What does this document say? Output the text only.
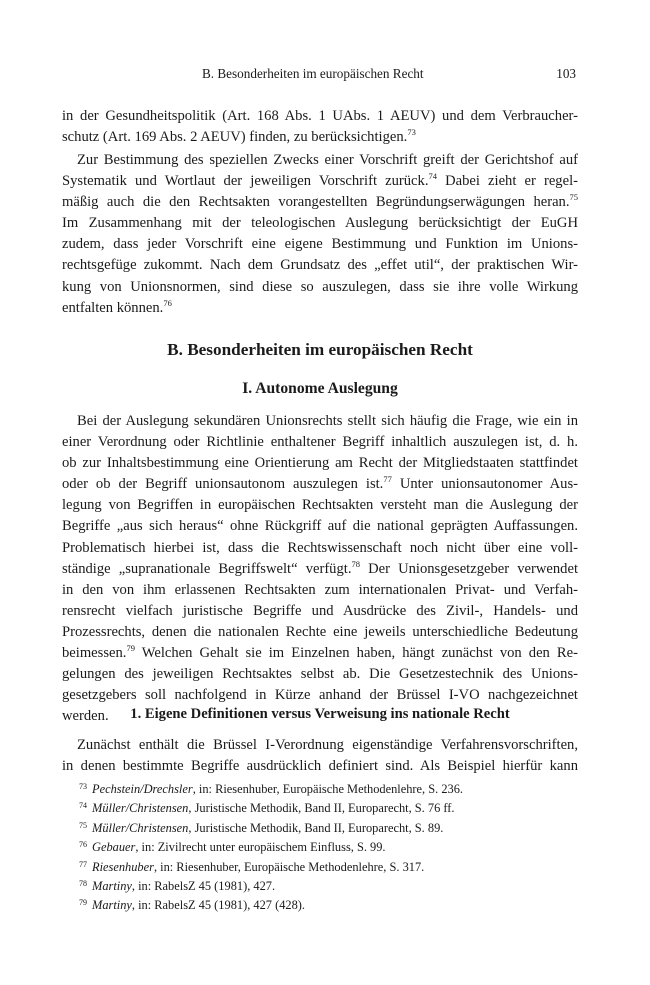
B. Besonderheiten im europäischen Recht	103
in der Gesundheitspolitik (Art. 168 Abs. 1 UAbs. 1 AEUV) und dem Verbraucher-
schutz (Art. 169 Abs. 2 AEUV) finden, zu berücksichtigen.$^{73}$
Zur Bestimmung des speziellen Zwecks einer Vorschrift greift der Gerichtshof auf
Systematik und Wortlaut der jeweiligen Vorschrift zurück.$^{74}$ Dabei zieht er regel-
mäßig auch die den Rechtsakten vorangestellten Begründungserwägungen heran.$^{75}$
Im Zusammenhang mit der teleologischen Auslegung berücksichtigt der EuGH
zudem, dass jeder Vorschrift eine eigene Bestimmung und Funktion im Unions-
rechtsgefüge zukommt. Nach dem Grundsatz des „effet util“, der praktischen Wir-
kung von Unionsnormen, sind diese so auszulegen, dass sie ihre volle Wirkung
entfalten können.$^{76}$
B. Besonderheiten im europäischen Recht
I. Autonome Auslegung
Bei der Auslegung sekundären Unionsrechts stellt sich häufig die Frage, wie ein in
einer Verordnung oder Richtlinie enthaltener Begriff inhaltlich auszulegen ist, d. h.
ob zur Inhaltsbestimmung eine Orientierung am Recht der Mitgliedstaaten stattfindet
oder ob der Begriff unionsautonom auszulegen ist.$^{77}$ Unter unionsautonomer Aus-
legung von Begriffen in europäischen Rechtsakten versteht man die Auslegung der
Begriffe „aus sich heraus“ ohne Rückgriff auf die national geprägten Auffassungen.
Problematisch hierbei ist, dass die Rechtswissenschaft noch nicht über eine voll-
ständige „supranationale Begriffswelt“ verfügt.$^{78}$ Der Unionsgesetzgeber verwendet
in den von ihm erlassenen Rechtsakten zum internationalen Privat- und Verfah-
rensrecht vielfach juristische Begriffe und Ausdrücke des Zivil-, Handels- und
Prozessrechts, denen die nationalen Rechte eine jeweils unterschiedliche Bedeutung
beimessen.$^{79}$ Welchen Gehalt sie im Einzelnen haben, hängt zunächst von den Re-
gelungen des jeweiligen Rechtsaktes selbst ab. Die Gesetzestechnik des Unions-
gesetzgebers soll nachfolgend in Kürze anhand der Brüssel I-VO nachgezeichnet
werden.	1. Eigene Definitionen versus Verweisung ins nationale Recht
Zunächst enthält die Brüssel I-Verordnung eigenständige Verfahrensvorschriften,
in denen bestimmte Begriffe ausdrücklich definiert sind. Als Beispiel hierfür kann
73 Pechstein/Drechsler, in: Riesenhuber, Europäische Methodenlehre, S. 236.
74 Müller/Christensen, Juristische Methodik, Band II, Europarecht, S. 76 ff.
75 Müller/Christensen, Juristische Methodik, Band II, Europarecht, S. 89.
76 Gebauer, in: Zivilrecht unter europäischem Einfluss, S. 99.
77 Riesenhuber, in: Riesenhuber, Europäische Methodenlehre, S. 317.
78 Martiny, in: RabelsZ 45 (1981), 427.
79 Martiny, in: RabelsZ 45 (1981), 427 (428).
